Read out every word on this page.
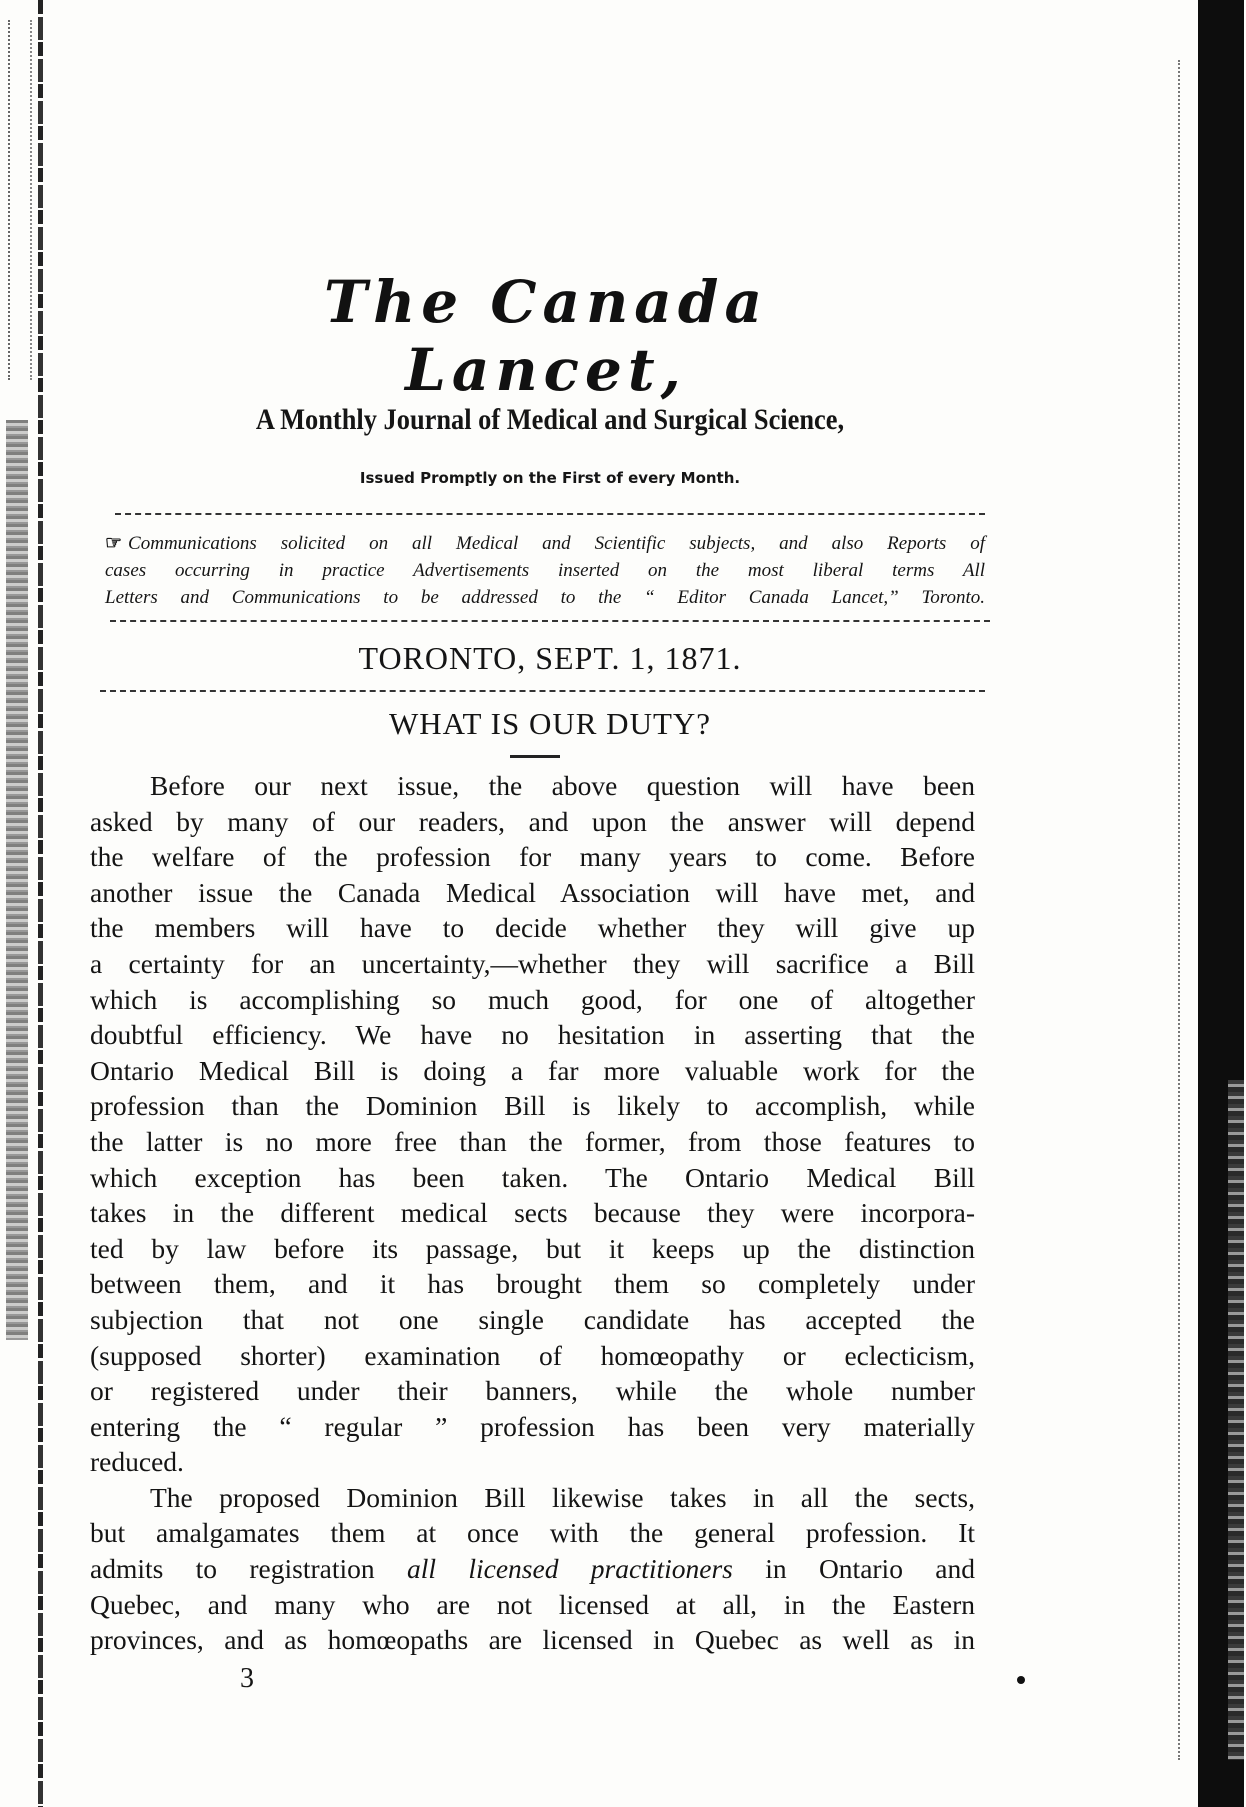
The Canada Lancet,
A Monthly Journal of Medical and Surgical Science,
Issued Promptly on the First of every Month.
☞ Communications solicited on all Medical and Scientific subjects, and also Reports of
cases occurring in practice Advertisements inserted on the most liberal terms All
Letters and Communications to be addressed to the “ Editor Canada Lancet,” Toronto.
TORONTO, SEPT. 1, 1871.
WHAT IS OUR DUTY?
Before our next issue, the above question will have been
asked by many of our readers, and upon the answer will depend
the welfare of the profession for many years to come. Before
another issue the Canada Medical Association will have met, and
the members will have to decide whether they will give up
a certainty for an uncertainty,—whether they will sacrifice a Bill
which is accomplishing so much good, for one of altogether
doubtful efficiency. We have no hesitation in asserting that the
Ontario Medical Bill is doing a far more valuable work for the
profession than the Dominion Bill is likely to accomplish, while
the latter is no more free than the former, from those features to
which exception has been taken. The Ontario Medical Bill
takes in the different medical sects because they were incorpora-
ted by law before its passage, but it keeps up the distinction
between them, and it has brought them so completely under
subjection that not one single candidate has accepted the
(supposed shorter) examination of homœopathy or eclecticism,
or registered under their banners, while the whole number
entering the “ regular ” profession has been very materially
reduced.
The proposed Dominion Bill likewise takes in all the sects,
but amalgamates them at once with the general profession. It
admits to registration all licensed practitioners in Ontario and
Quebec, and many who are not licensed at all, in the Eastern
provinces, and as homœopaths are licensed in Quebec as well as in
3
